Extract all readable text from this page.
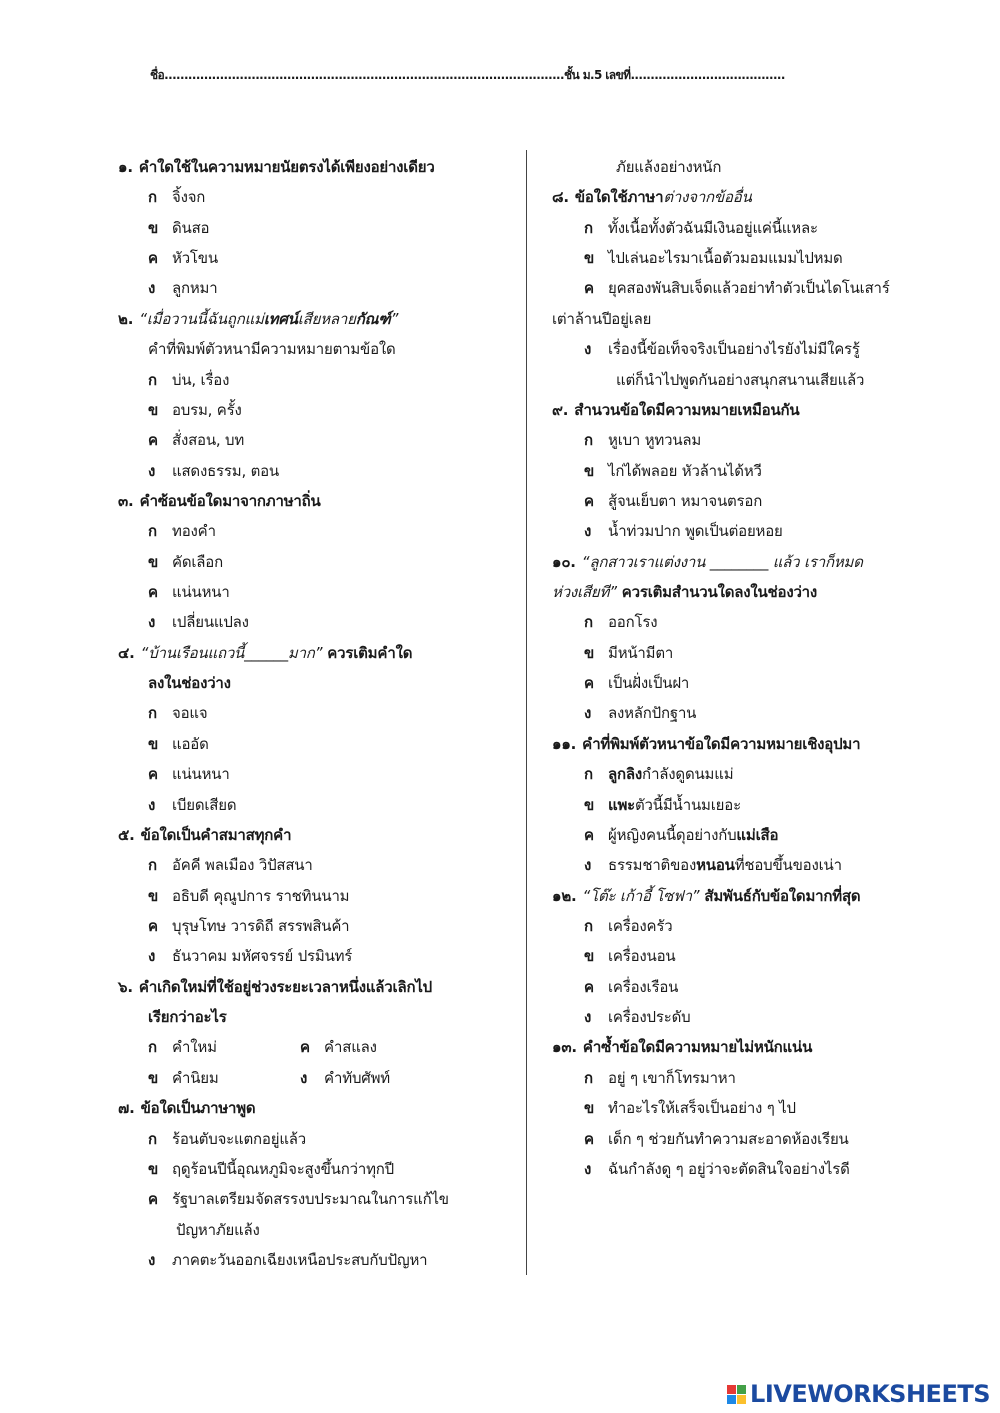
ชื่อ.....................................................................................................ชั้น ม.5 เลขที่.......................................
๑. คำใดใช้ในความหมายนัยตรงได้เพียงอย่างเดียว
ก จิ้งจก
ข ดินสอ
ค หัวโขน
ง ลูกหมา
๒. “เมื่อวานนี้ฉันถูกแม่เทศน์เสียหลายกัณฑ์”
คำที่พิมพ์ตัวหนามีความหมายตามข้อใด
ก บ่น, เรื่อง
ข อบรม, ครั้ง
ค สั่งสอน, บท
ง แสดงธรรม, ตอน
๓. คำซ้อนข้อใดมาจากภาษาถิ่น
ก ทองคำ
ข คัดเลือก
ค แน่นหนา
ง เปลี่ยนแปลง
๔. “บ้านเรือนแถวนี้______มาก” ควรเติมคำใด
ลงในช่องว่าง
ก จอแจ
ข แออัด
ค แน่นหนา
ง เบียดเสียด
๕. ข้อใดเป็นคำสมาสทุกคำ
ก อัคคี พลเมือง วิปัสสนา
ข อธิบดี คุณูปการ ราชทินนาม
ค บุรุษโทษ วารดิถี สรรพสินค้า
ง ธันวาคม มหัศจรรย์ ปรมินทร์
๖. คำเกิดใหม่ที่ใช้อยู่ช่วงระยะเวลาหนึ่งแล้วเลิกไป
เรียกว่าอะไร
ก คำใหม่	ค คำสแลง
ข คำนิยม	ง คำทับศัพท์
๗. ข้อใดเป็นภาษาพูด
ก ร้อนตับจะแตกอยู่แล้ว
ข ฤดูร้อนปีนี้อุณหภูมิจะสูงขึ้นกว่าทุกปี
ค รัฐบาลเตรียมจัดสรรงบประมาณในการแก้ไข
ปัญหาภัยแล้ง
ง ภาคตะวันออกเฉียงเหนือประสบกับปัญหา
ภัยแล้งอย่างหนัก
๘. ข้อใดใช้ภาษาต่างจากข้ออื่น
ก ทั้งเนื้อทั้งตัวฉันมีเงินอยู่แค่นี้แหละ
ข ไปเล่นอะไรมาเนื้อตัวมอมแมมไปหมด
ค ยุคสองพันสิบเจ็ดแล้วอย่าทำตัวเป็นไดโนเสาร์
เต่าล้านปีอยู่เลย
ง เรื่องนี้ข้อเท็จจริงเป็นอย่างไรยังไม่มีใครรู้
แต่ก็นำไปพูดกันอย่างสนุกสนานเสียแล้ว
๙. สำนวนข้อใดมีความหมายเหมือนกัน
ก หูเบา หูทวนลม
ข ไก่ได้พลอย หัวล้านได้หวี
ค สู้จนเย็บตา หมาจนตรอก
ง น้ำท่วมปาก พูดเป็นต่อยหอย
๑๐. “ลูกสาวเราแต่งงาน ________ แล้ว เราก็หมด
ห่วงเสียที” ควรเติมสำนวนใดลงในช่องว่าง
ก ออกโรง
ข มีหน้ามีตา
ค เป็นฝั่งเป็นฝา
ง ลงหลักปักฐาน
๑๑. คำที่พิมพ์ตัวหนาข้อใดมีความหมายเชิงอุปมา
ก ลูกลิงกำลังดูดนมแม่
ข แพะตัวนี้มีน้ำนมเยอะ
ค ผู้หญิงคนนี้ดุอย่างกับแม่เสือ
ง ธรรมชาติของหนอนที่ชอบขึ้นของเน่า
๑๒. “โต๊ะ เก้าอี้ โซฟา” สัมพันธ์กับข้อใดมากที่สุด
ก เครื่องครัว
ข เครื่องนอน
ค เครื่องเรือน
ง เครื่องประดับ
๑๓. คำซ้ำข้อใดมีความหมายไม่หนักแน่น
ก อยู่ ๆ เขาก็โทรมาหา
ข ทำอะไรให้เสร็จเป็นอย่าง ๆ ไป
ค เด็ก ๆ ช่วยกันทำความสะอาดห้องเรียน
ง ฉันกำลังดู ๆ อยู่ว่าจะตัดสินใจอย่างไรดี
LIVEWORKSHEETS
